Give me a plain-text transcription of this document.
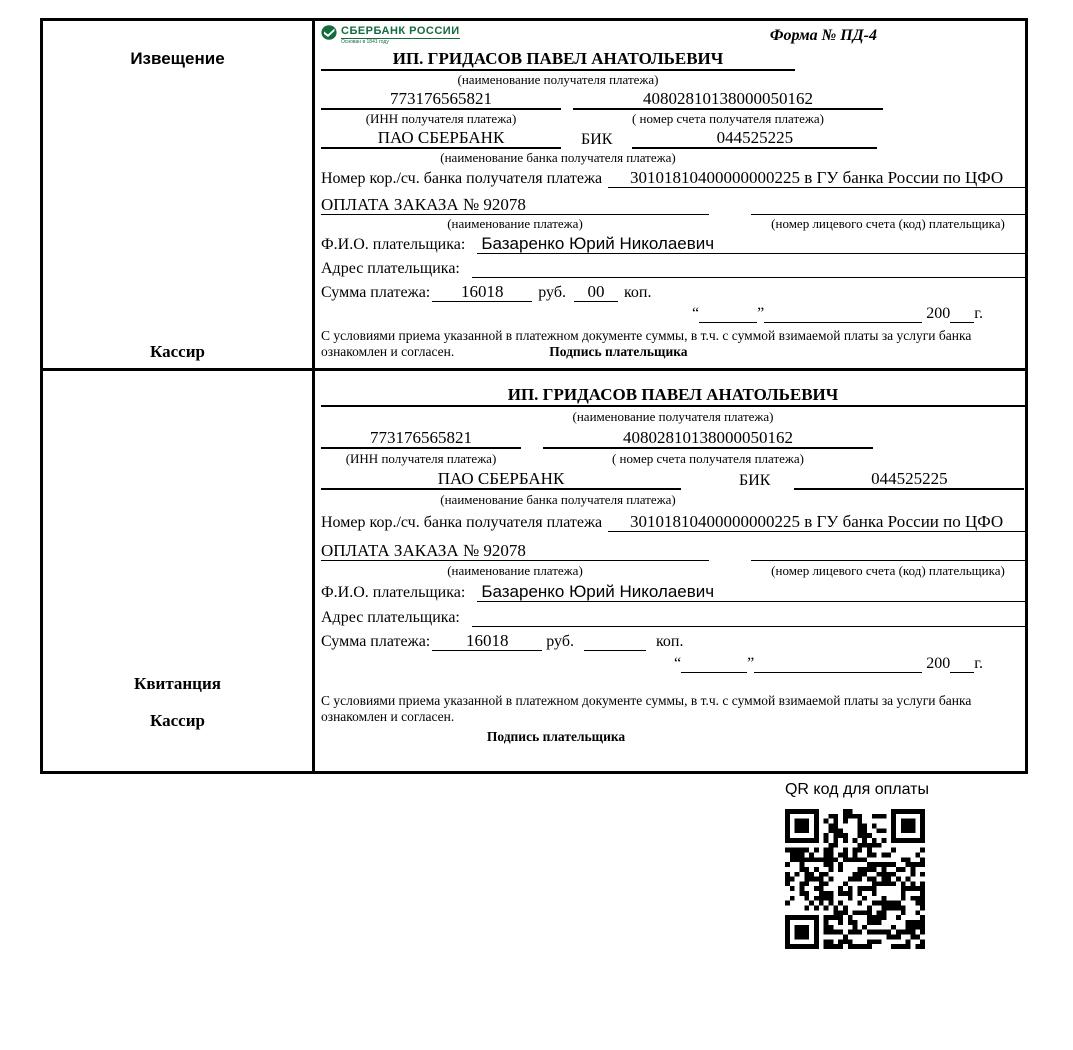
Извещение
Кассир
СБЕРБАНК РОССИИ
Основан в 1841 году	Форма № ПД-4
ИП. ГРИДАСОВ ПАВЕЛ АНАТОЛЬЕВИЧ
(наименование получателя платежа)
773176565821	40802810138000050162
(ИНН получателя платежа)	( номер счета получателя платежа)
ПАО СБЕРБАНК	БИК	044525225
(наименование банка получателя платежа)
Номер кор./сч. банка получателя платежа	30101810400000000225 в ГУ банка России по ЦФО
ОПЛАТА ЗАКАЗА № 92078
(наименование платежа)	(номер лицевого счета (код) плательщика)
Ф.И.О. плательщика: Базаренко Юрий Николаевич
Адрес плательщика:
Сумма платежа:	16018	руб.	00	коп.
“	”	200 г.
С условиями приема указанной в платежном документе суммы, в т.ч. с суммой взимаемой платы за услуги банка
ознакомлен и согласен.	Подпись плательщика
Квитанция
Кассир
ИП. ГРИДАСОВ ПАВЕЛ АНАТОЛЬЕВИЧ
(наименование получателя платежа)
773176565821	40802810138000050162
(ИНН получателя платежа)	( номер счета получателя платежа)
ПАО СБЕРБАНК	БИК	044525225
(наименование банка получателя платежа)
Номер кор./сч. банка получателя платежа	30101810400000000225 в ГУ банка России по ЦФО
ОПЛАТА ЗАКАЗА № 92078
(наименование платежа)	(номер лицевого счета (код) плательщика)
Ф.И.О. плательщика: Базаренко Юрий Николаевич
Адрес плательщика:
Сумма платежа:	16018	руб.	коп.
“	”	200 г.
С условиями приема указанной в платежном документе суммы, в т.ч. с суммой взимаемой платы за услуги банка
ознакомлен и согласен.
Подпись плательщика
QR код для оплаты
